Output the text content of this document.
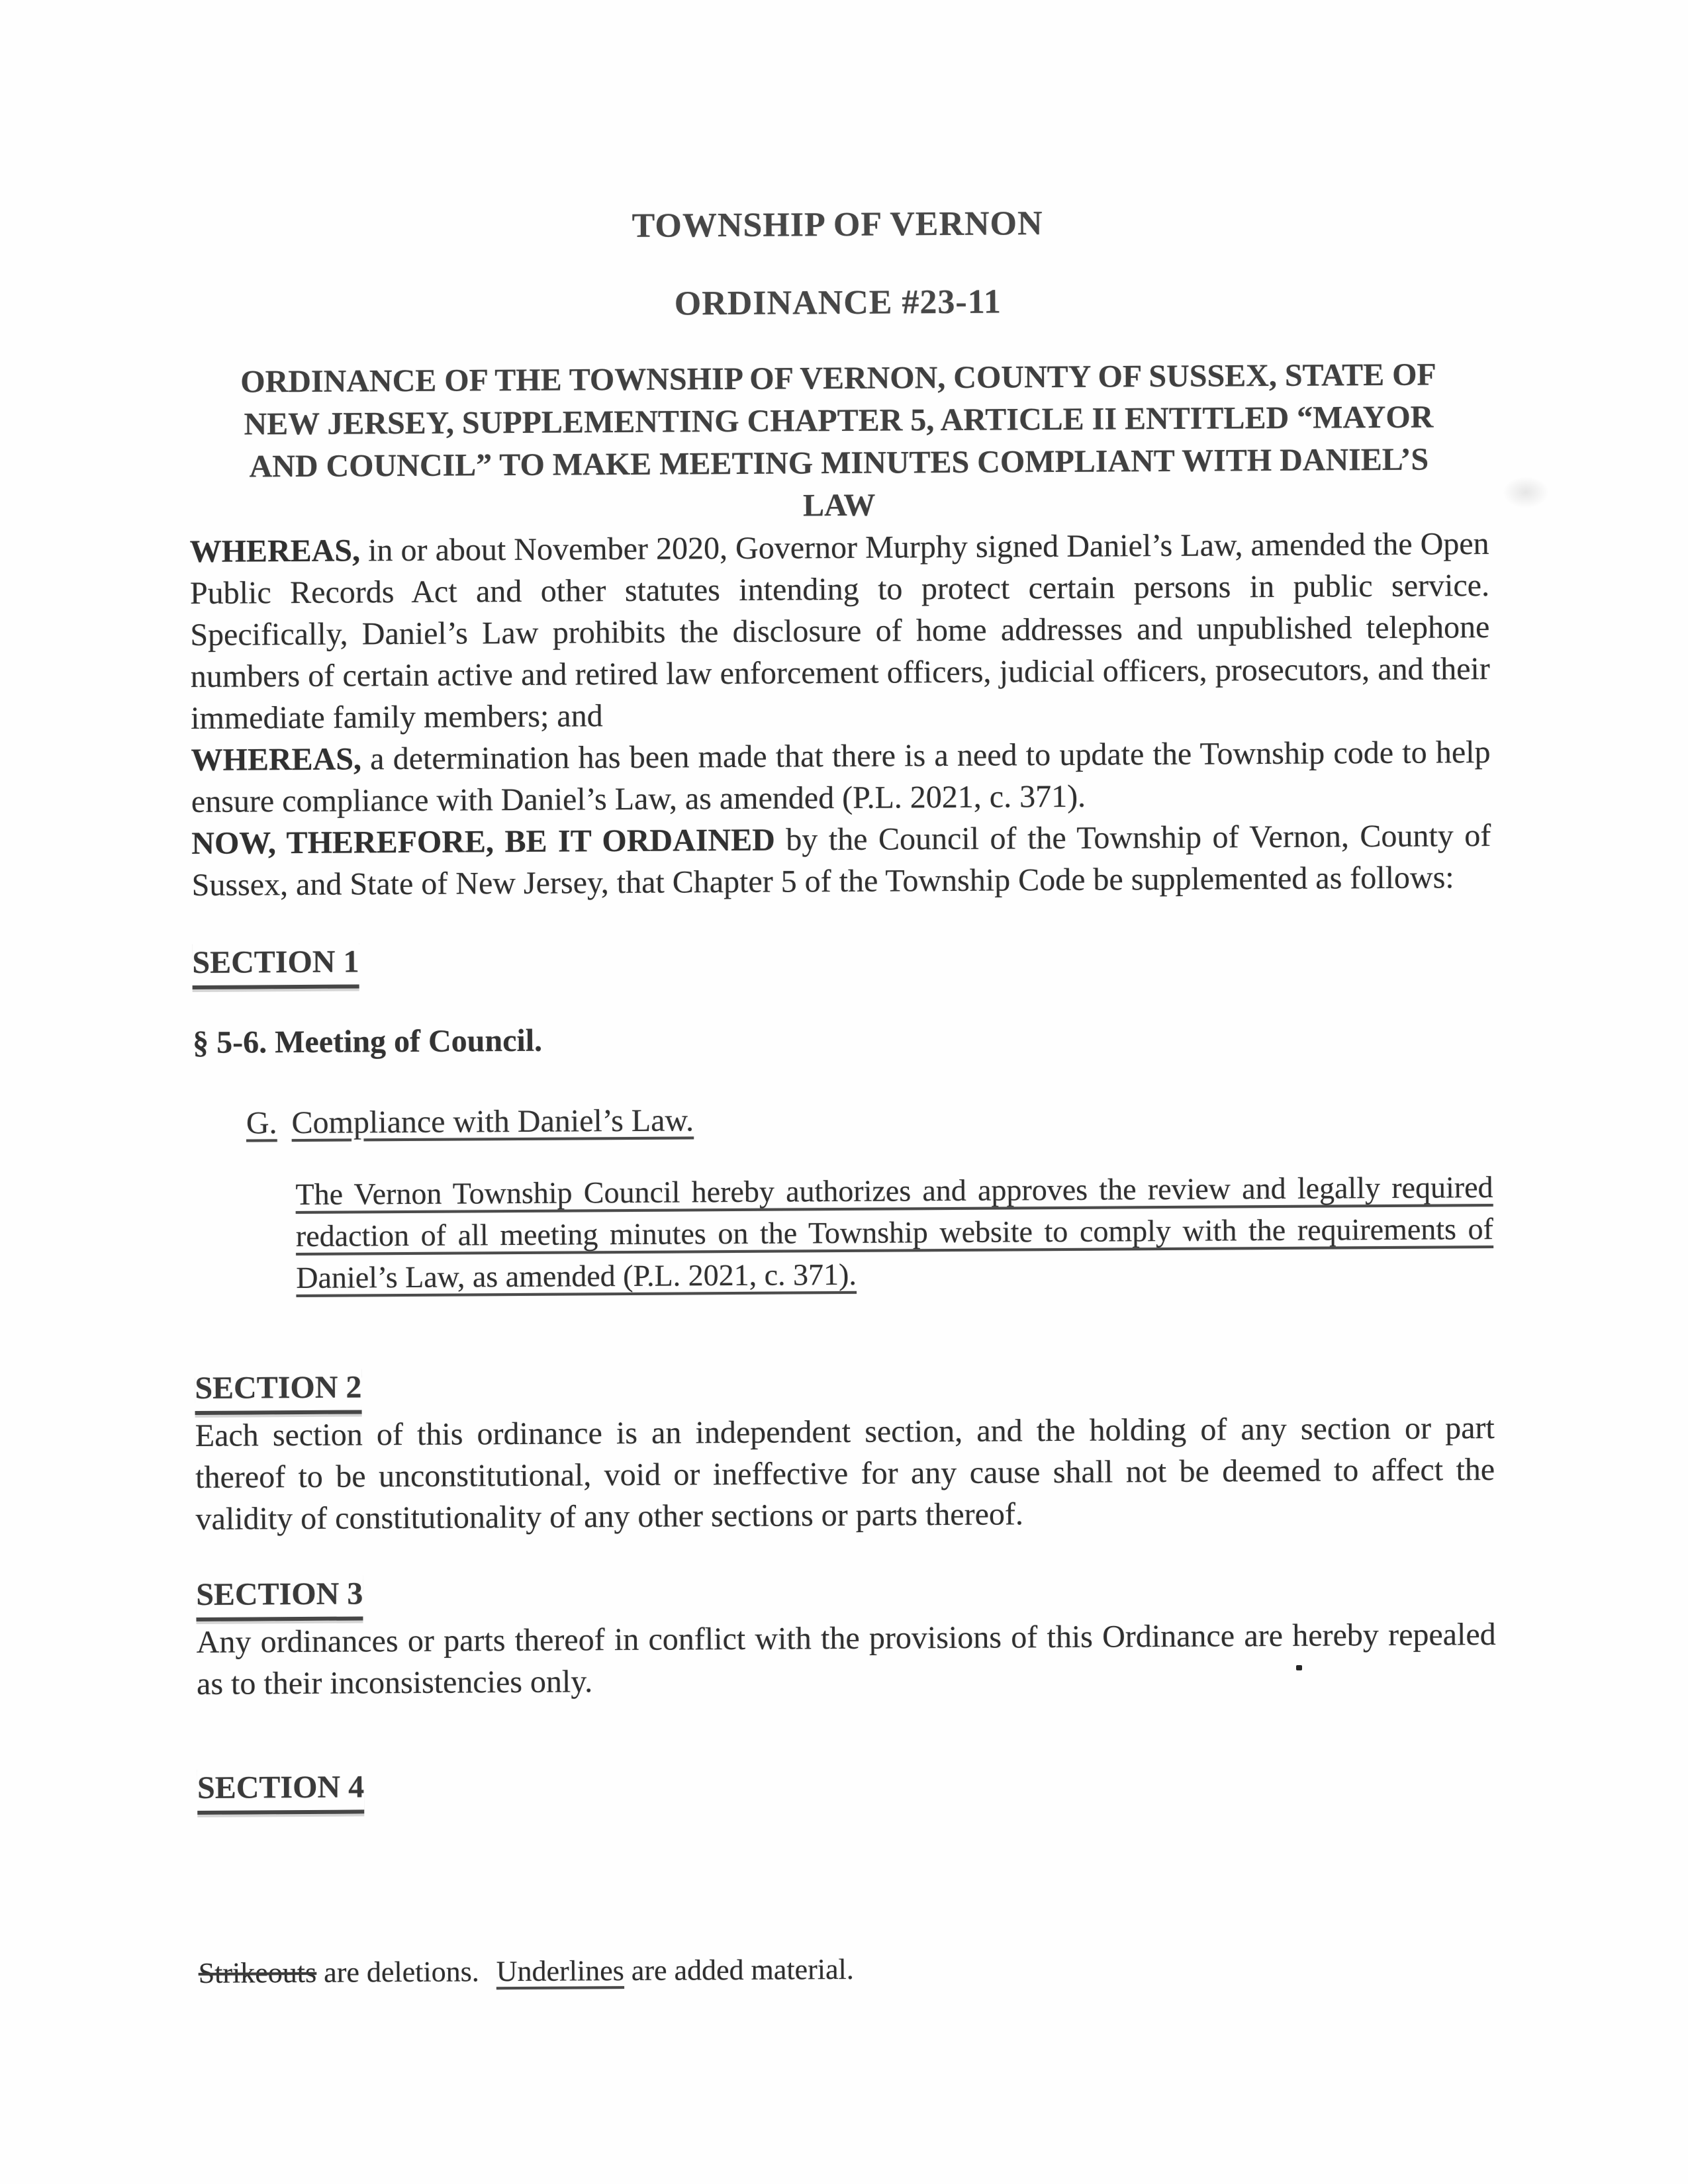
TOWNSHIP OF VERNON
ORDINANCE #23-11
ORDINANCE OF THE TOWNSHIP OF VERNON, COUNTY OF SUSSEX, STATE OF
NEW JERSEY, SUPPLEMENTING CHAPTER 5, ARTICLE II ENTITLED “MAYOR
AND COUNCIL” TO MAKE MEETING MINUTES COMPLIANT WITH DANIEL’S
LAW

WHEREAS, in or about November 2020, Governor Murphy signed Daniel’s Law, amended the Open Public Records Act and other statutes intending to protect certain persons in public service. Specifically, Daniel’s Law prohibits the disclosure of home addresses and unpublished telephone numbers of certain active and retired law enforcement officers, judicial officers, prosecutors, and their immediate family members; and

WHEREAS, a determination has been made that there is a need to update the Township code to help ensure compliance with Daniel’s Law, as amended (P.L. 2021, c. 371).

NOW, THEREFORE, BE IT ORDAINED by the Council of the Township of Vernon, County of Sussex, and State of New Jersey, that Chapter 5 of the Township Code be supplemented as follows:

SECTION 1

§ 5-6. Meeting of Council.

G. Compliance with Daniel’s Law.

The Vernon Township Council hereby authorizes and approves the review and legally required redaction of all meeting minutes on the Township website to comply with the requirements of Daniel’s Law, as amended (P.L. 2021, c. 371).

SECTION 2

Each section of this ordinance is an independent section, and the holding of any section or part thereof to be unconstitutional, void or ineffective for any cause shall not be deemed to affect the validity of constitutionality of any other sections or parts thereof.

SECTION 3

Any ordinances or parts thereof in conflict with the provisions of this Ordinance are hereby repealed as to their inconsistencies only.

SECTION 4

Strikeouts are deletions. Underlines are added material.
